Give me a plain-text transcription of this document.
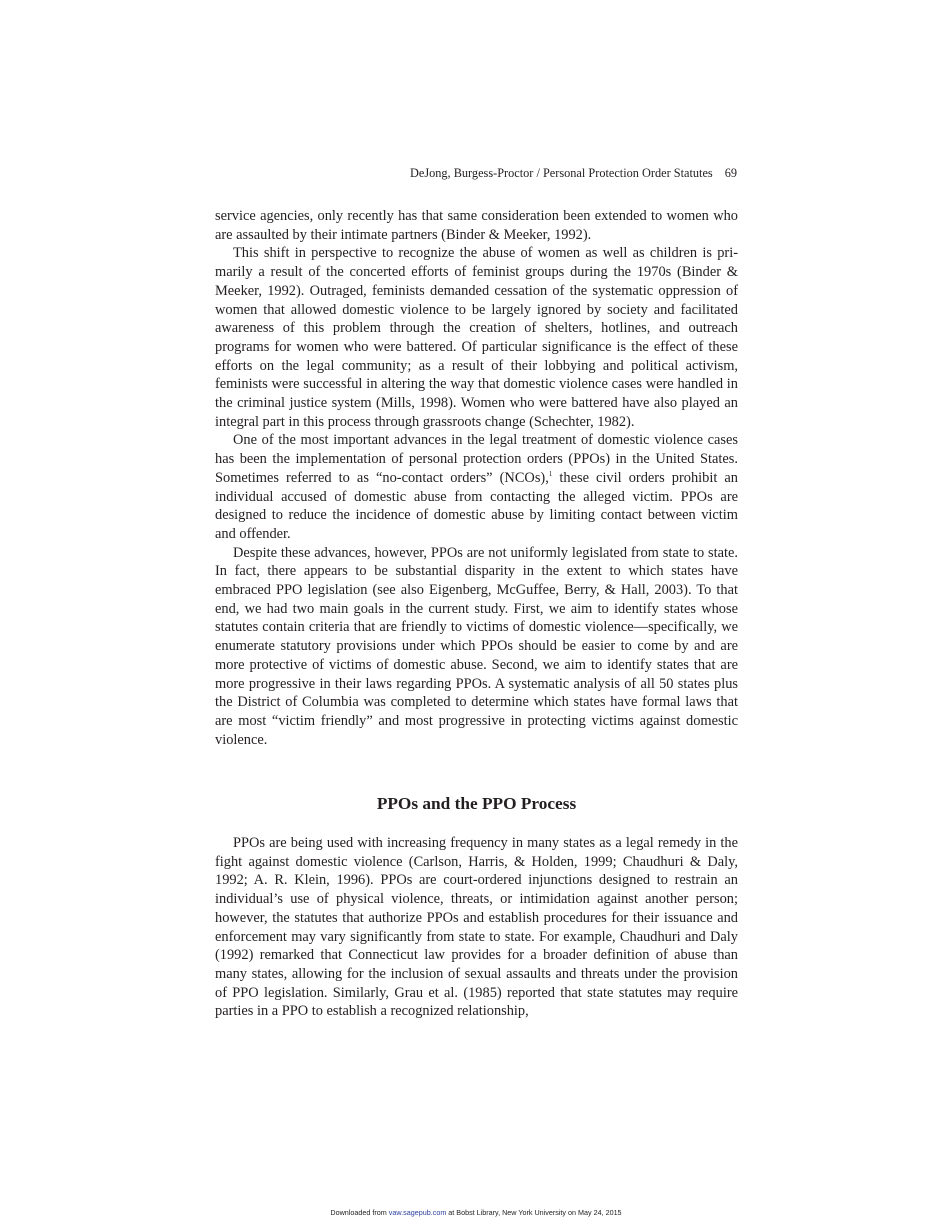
DeJong, Burgess-Proctor / Personal Protection Order Statutes 69

service agencies, only recently has that same consideration been extended to women who are assaulted by their intimate partners (Binder & Meeker, 1992).

This shift in perspective to recognize the abuse of women as well as children is primarily a result of the concerted efforts of feminist groups during the 1970s (Binder & Meeker, 1992). Outraged, feminists demanded cessation of the systematic oppression of women that allowed domestic violence to be largely ignored by society and facilitated awareness of this problem through the creation of shelters, hotlines, and outreach programs for women who were battered. Of particular significance is the effect of these efforts on the legal community; as a result of their lobbying and political activism, feminists were successful in altering the way that domestic violence cases were handled in the criminal justice system (Mills, 1998). Women who were battered have also played an integral part in this process through grassroots change (Schechter, 1982).

One of the most important advances in the legal treatment of domestic violence cases has been the implementation of personal protection orders (PPOs) in the United States. Sometimes referred to as “no-contact orders” (NCOs),$^1$ these civil orders prohibit an individual accused of domestic abuse from contacting the alleged victim. PPOs are designed to reduce the incidence of domestic abuse by limiting contact between victim and offender.

Despite these advances, however, PPOs are not uniformly legislated from state to state. In fact, there appears to be substantial disparity in the extent to which states have embraced PPO legislation (see also Eigenberg, McGuffee, Berry, & Hall, 2003). To that end, we had two main goals in the current study. First, we aim to identify states whose statutes contain criteria that are friendly to victims of domestic violence—specifically, we enumerate statutory provisions under which PPOs should be easier to come by and are more protective of victims of domestic abuse. Second, we aim to identify states that are more progressive in their laws regarding PPOs. A systematic analysis of all 50 states plus the District of Columbia was completed to determine which states have formal laws that are most “victim friendly” and most progressive in protecting victims against domestic violence.

PPOs and the PPO Process

PPOs are being used with increasing frequency in many states as a legal remedy in the fight against domestic violence (Carlson, Harris, & Holden, 1999; Chaudhuri & Daly, 1992; A. R. Klein, 1996). PPOs are court-ordered injunctions designed to restrain an individual’s use of physical violence, threats, or intimidation against another person; however, the statutes that authorize PPOs and establish procedures for their issuance and enforcement may vary significantly from state to state. For example, Chaudhuri and Daly (1992) remarked that Connecticut law provides for a broader definition of abuse than many states, allowing for the inclusion of sexual assaults and threats under the provision of PPO legislation. Similarly, Grau et al. (1985) reported that state statutes may require parties in a PPO to establish a recognized relationship,

Downloaded from vaw.sagepub.com at Bobst Library, New York University on May 24, 2015
